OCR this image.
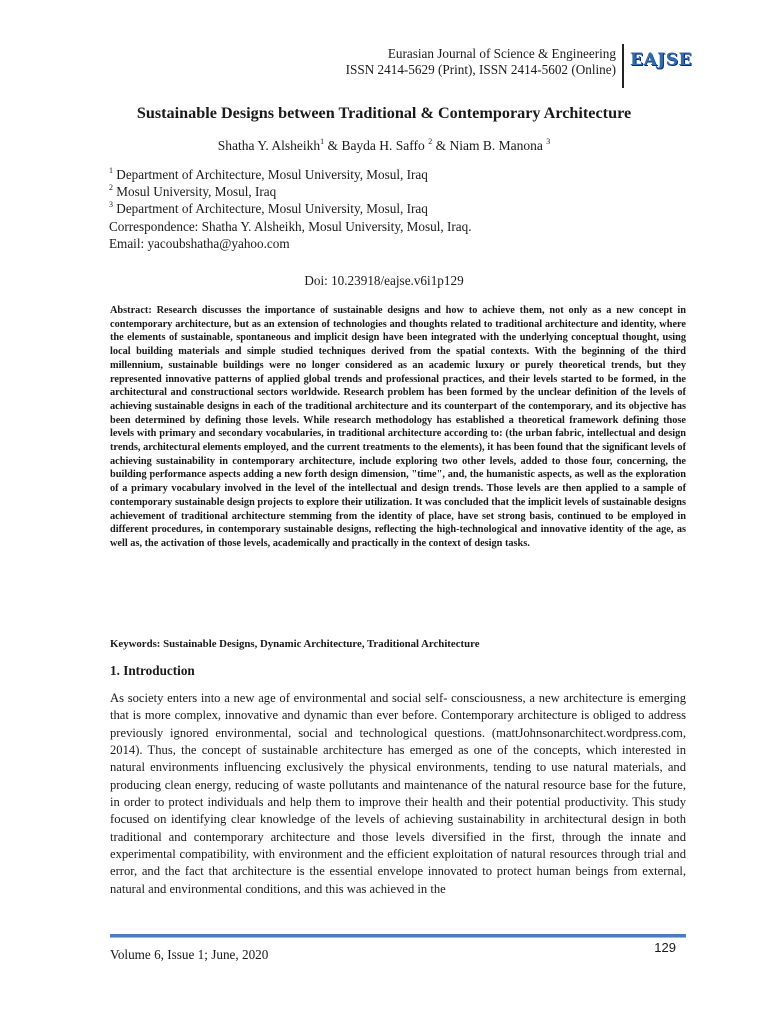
Eurasian Journal of Science & Engineering
ISSN 2414-5629 (Print), ISSN 2414-5602 (Online) EAJSE
Sustainable Designs between Traditional & Contemporary Architecture
Shatha Y. Alsheikh$^1$ & Bayda H. Saffo $^2$ & Niam B. Manona $^3$
$^1$ Department of Architecture, Mosul University, Mosul, Iraq
$^2$ Mosul University, Mosul, Iraq
$^3$ Department of Architecture, Mosul University, Mosul, Iraq
Correspondence: Shatha Y. Alsheikh, Mosul University, Mosul, Iraq.
Email: yacoubshatha@yahoo.com
Doi: 10.23918/eajse.v6i1p129

Abstract: Research discusses the importance of sustainable designs and how to achieve them, not only as a new concept in contemporary architecture, but as an extension of technologies and thoughts related to traditional architecture and identity, where the elements of sustainable, spontaneous and implicit design have been integrated with the underlying conceptual thought, using local building materials and simple studied techniques derived from the spatial contexts. With the beginning of the third millennium, sustainable buildings were no longer considered as an academic luxury or purely theoretical trends, but they represented innovative patterns of applied global trends and professional practices, and their levels started to be formed, in the architectural and constructional sectors worldwide. Research problem has been formed by the unclear definition of the levels of achieving sustainable designs in each of the traditional architecture and its counterpart of the contemporary, and its objective has been determined by defining those levels. While research methodology has established a theoretical framework defining those levels with primary and secondary vocabularies, in traditional architecture according to: (the urban fabric, intellectual and design trends, architectural elements employed, and the current treatments to the elements), it has been found that the significant levels of achieving sustainability in contemporary architecture, include exploring two other levels, added to those four, concerning, the building performance aspects adding a new forth design dimension, "time", and, the humanistic aspects, as well as the exploration of a primary vocabulary involved in the level of the intellectual and design trends. Those levels are then applied to a sample of contemporary sustainable design projects to explore their utilization. It was concluded that the implicit levels of sustainable designs achievement of traditional architecture stemming from the identity of place, have set strong basis, continued to be employed in different procedures, in contemporary sustainable designs, reflecting the high-technological and innovative identity of the age, as well as, the activation of those levels, academically and practically in the context of design tasks.

Keywords: Sustainable Designs, Dynamic Architecture, Traditional Architecture
1. Introduction

As society enters into a new age of environmental and social self- consciousness, a new architecture is emerging that is more complex, innovative and dynamic than ever before. Contemporary architecture is obliged to address previously ignored environmental, social and technological questions. (mattJohnsonarchitect.wordpress.com, 2014). Thus, the concept of sustainable architecture has emerged as one of the concepts, which interested in natural environments influencing exclusively the physical environments, tending to use natural materials, and producing clean energy, reducing of waste pollutants and maintenance of the natural resource base for the future, in order to protect individuals and help them to improve their health and their potential productivity. This study focused on identifying clear knowledge of the levels of achieving sustainability in architectural design in both traditional and contemporary architecture and those levels diversified in the first, through the innate and experimental compatibility, with environment and the efficient exploitation of natural resources through trial and error, and the fact that architecture is the essential envelope innovated to protect human beings from external, natural and environmental conditions, and this was achieved in the

129
Volume 6, Issue 1; June, 2020
